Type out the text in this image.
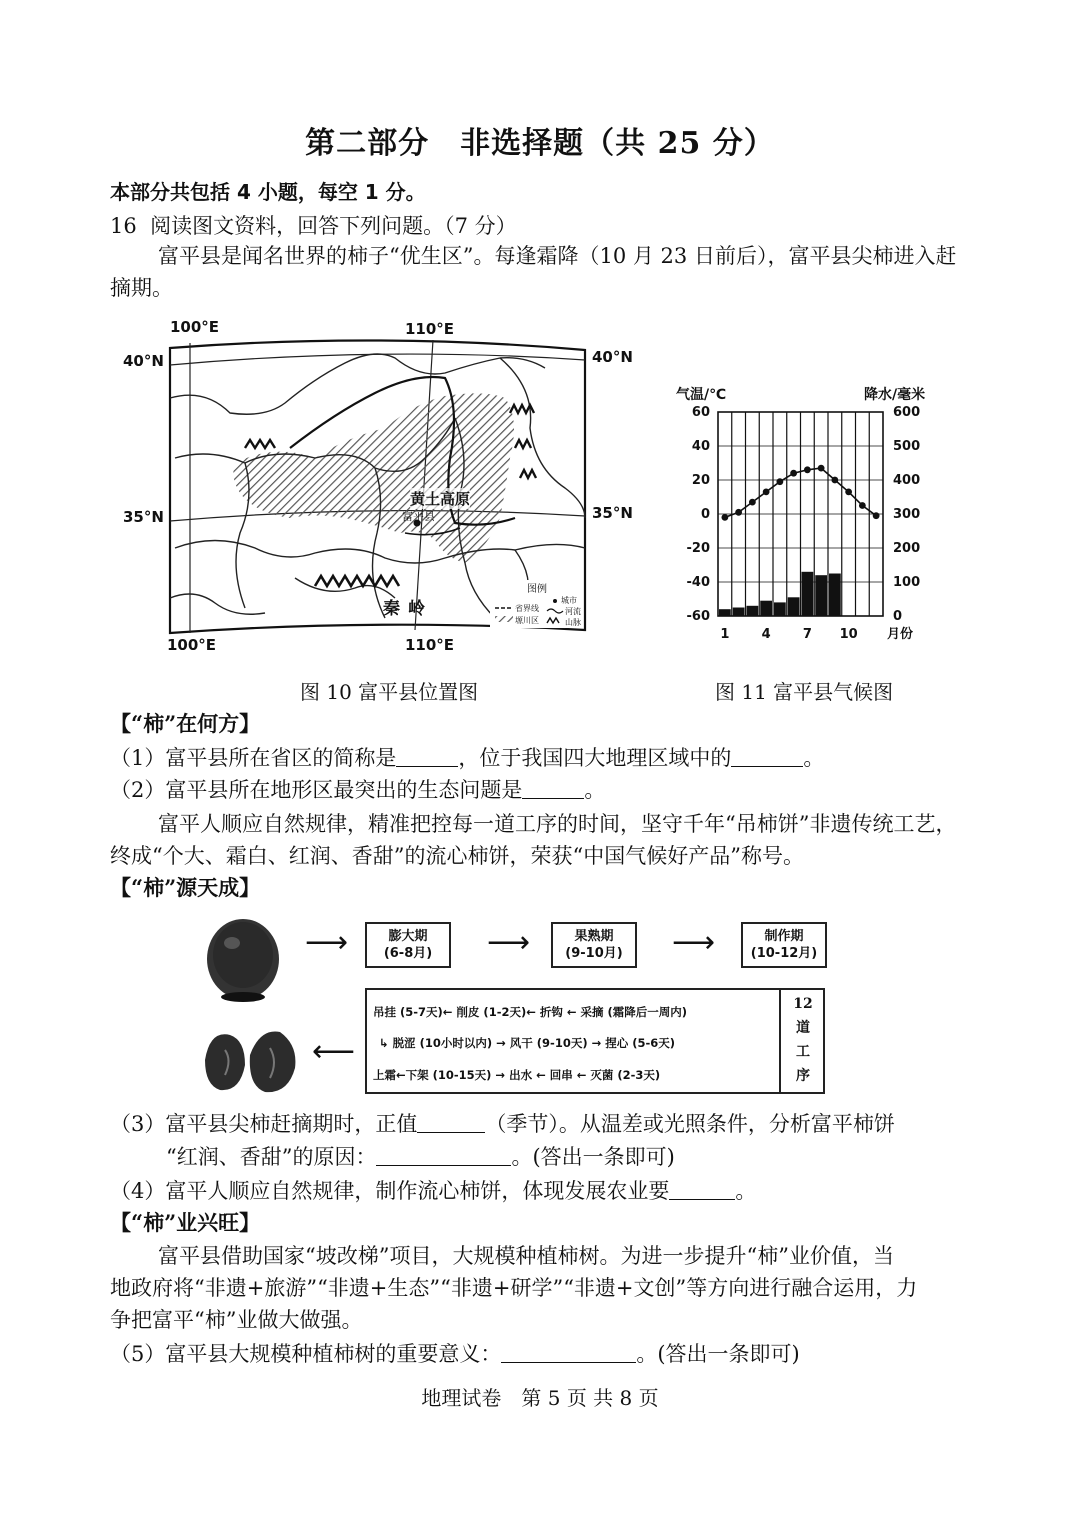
第二部分　非选择题（共 25 分）
本部分共包括 4 小题，每空 1 分。
16 阅读图文资料，回答下列问题。（7 分）
富平县是闻名世界的柿子“优生区”。每逢霜降（10 月 23 日前后），富平县尖柿进入赶
摘期。
100°E	110°E
100°E	110°E
40°N	40°N
35°N	35°N
黄土高原
富平县
秦岭
图例
省界线
城市
河流
塬川区	山脉
气温/℃	降水/毫米
60
40
20
0
-20
-40
-60
600
500
400
300
200
100
0
1 4 7 10 月份
图 10 富平县位置图	图 11 富平县气候图
【“柿”在何方】
（1）富平县所在省区的简称是	，位于我国四大地理区域中的	。
（2）富平县所在地形区最突出的生态问题是	。
富平人顺应自然规律，精准把控每一道工序的时间，坚守千年“吊柿饼”非遗传统工艺，
终成“个大、霜白、红润、香甜”的流心柿饼，荣获“中国气候好产品”称号。
【“柿”源天成】
⟶	膨大期
(6-8月)	⟶	果熟期
(9-10月)	⟶	制作期
(10-12月)
吊挂 (5-7天)← 削皮 (1-2天)← 折钩 ← 采摘 (霜降后一周内)
↳ 脱涩 (10小时以内) → 风干 (9-10天) → 捏心 (5-6天)
上霜←下架 (10-15天) → 出水 ← 回串 ← 灭菌 (2-3天)
12
道
工
序
⟵
（3）富平县尖柿赶摘期时，正值	（季节）。从温差或光照条件，分析富平柿饼
“红润、香甜”的原因：	。(答出一条即可)
（4）富平人顺应自然规律，制作流心柿饼，体现发展农业要	。
【“柿”业兴旺】
富平县借助国家“坡改梯”项目，大规模种植柿树。为进一步提升“柿”业价值，当
地政府将“非遗+旅游”“非遗+生态”“非遗+研学”“非遗+文创”等方向进行融合运用，力
争把富平“柿”业做大做强。
（5）富平县大规模种植柿树的重要意义：	。(答出一条即可)
地理试卷　第 5 页 共 8 页
